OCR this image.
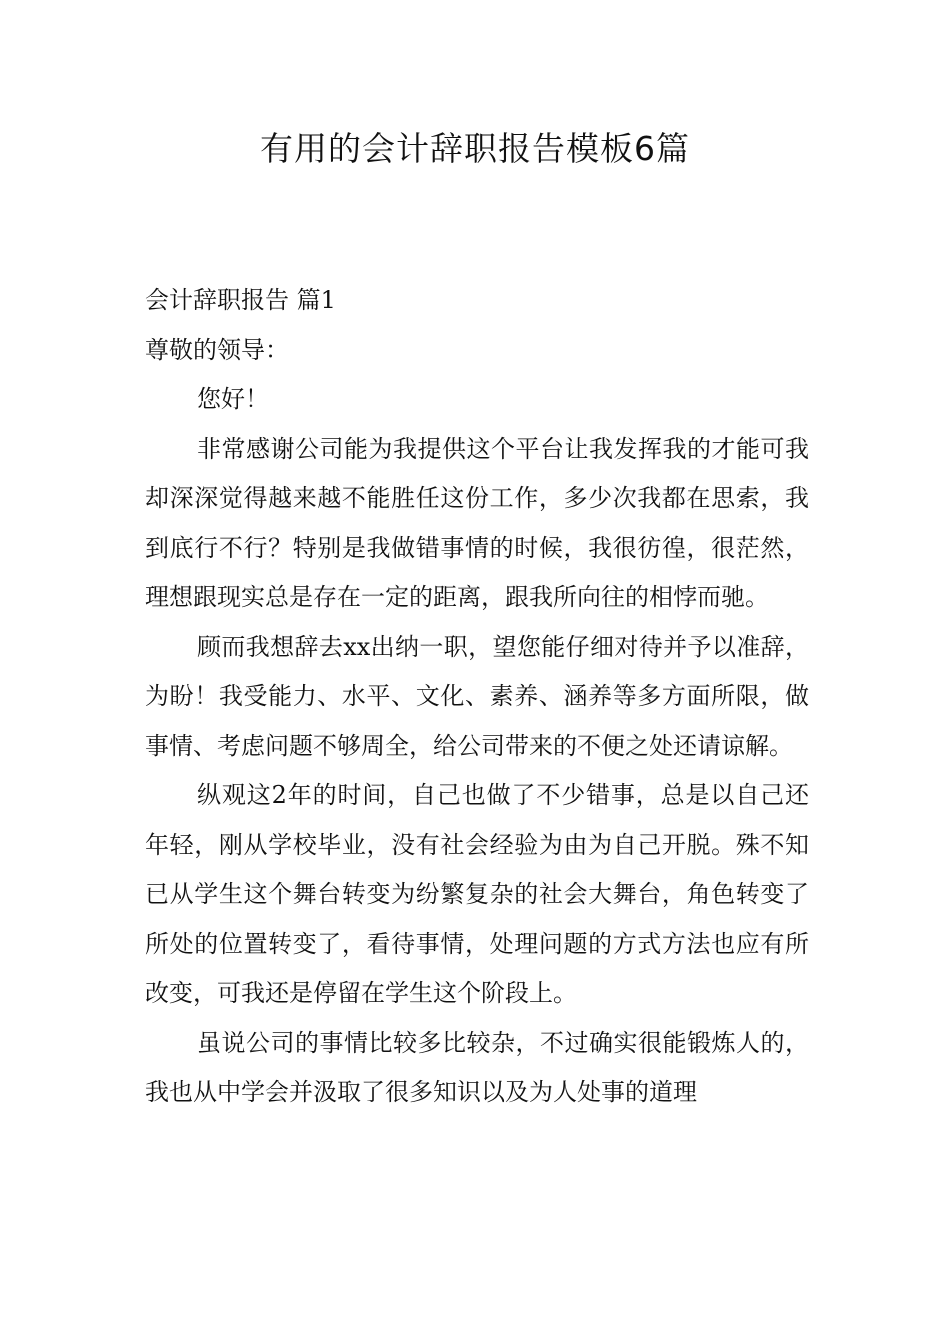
有用的会计辞职报告模板6篇

会计辞职报告 篇1

尊敬的领导：

您好！

非常感谢公司能为我提供这个平台让我发挥我的才能可我却深深觉得越来越不能胜任这份工作，多少次我都在思索，我到底行不行？特别是我做错事情的时候，我很彷徨，很茫然，理想跟现实总是存在一定的距离，跟我所向往的相悖而驰。

顾而我想辞去xx出纳一职，望您能仔细对待并予以准辞，为盼！我受能力、水平、文化、素养、涵养等多方面所限，做事情、考虑问题不够周全，给公司带来的不便之处还请谅解。

纵观这2年的时间，自己也做了不少错事，总是以自己还年轻，刚从学校毕业，没有社会经验为由为自己开脱。殊不知已从学生这个舞台转变为纷繁复杂的社会大舞台，角色转变了所处的位置转变了，看待事情，处理问题的方式方法也应有所改变，可我还是停留在学生这个阶段上。

虽说公司的事情比较多比较杂，不过确实很能锻炼人的，我也从中学会并汲取了很多知识以及为人处事的道理
